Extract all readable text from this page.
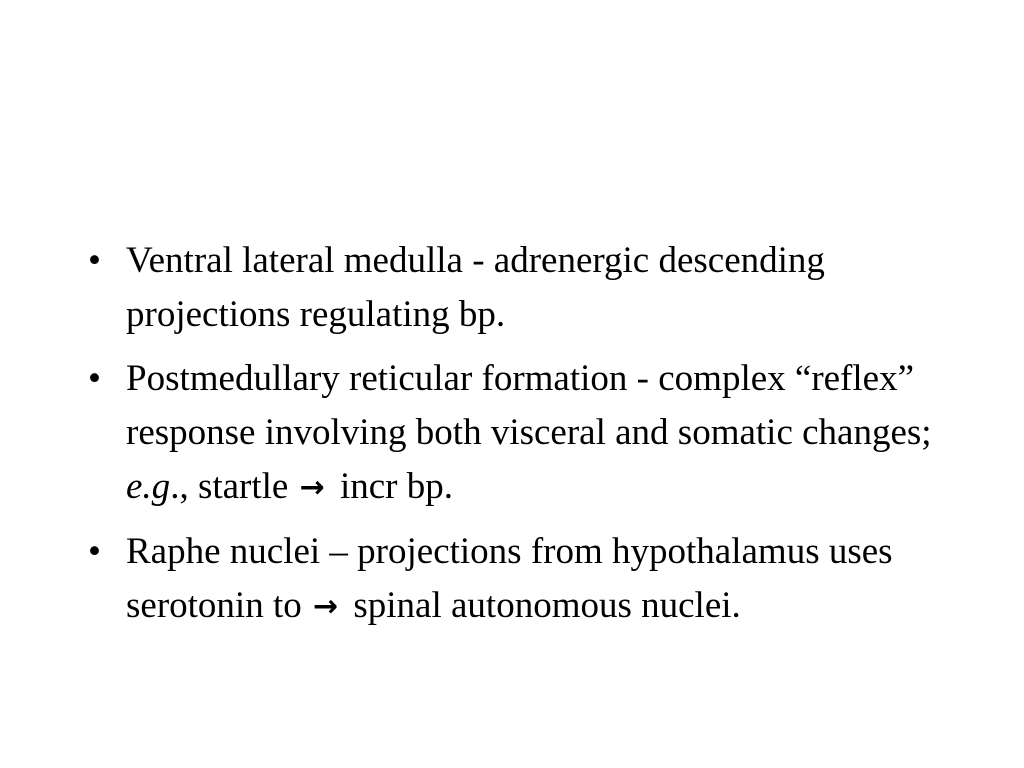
• Ventral lateral medulla - adrenergic descending projections regulating bp.
• Postmedullary reticular formation - complex “reflex” response involving both visceral and somatic changes; e.g., startle → incr bp.
• Raphe nuclei – projections from hypothalamus uses serotonin to → spinal autonomous nuclei.
